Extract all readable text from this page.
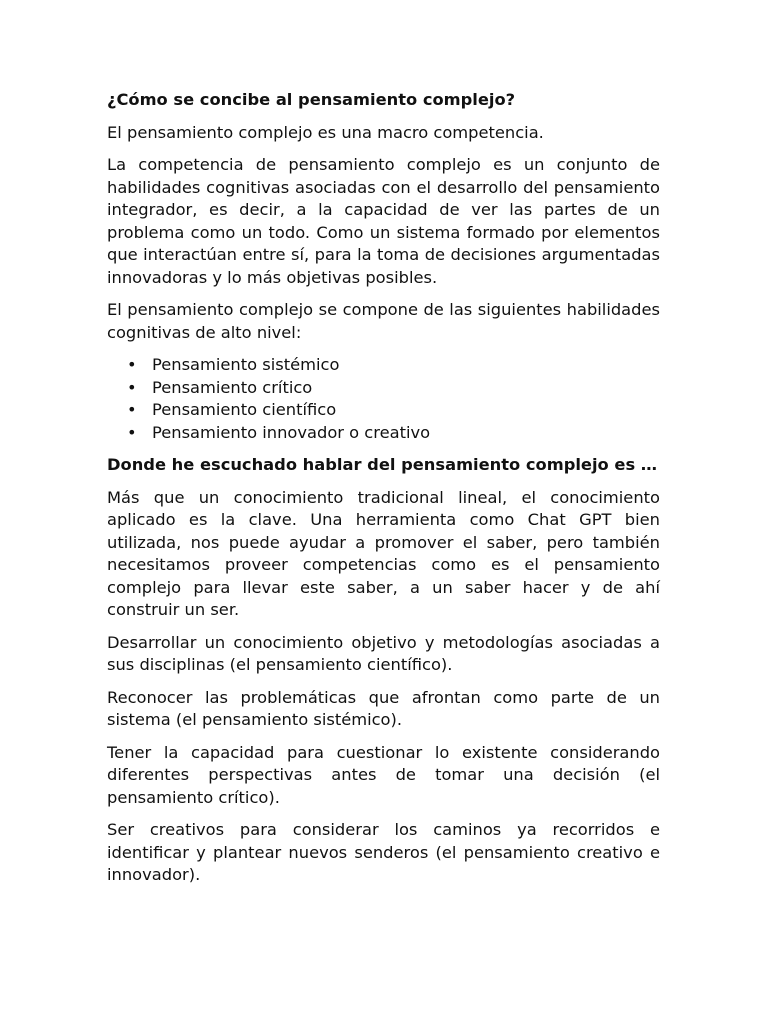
¿Cómo se concibe al pensamiento complejo?

El pensamiento complejo es una macro competencia.

La competencia de pensamiento complejo es un conjunto de habilidades cognitivas asociadas con el desarrollo del pensamiento integrador, es decir, a la capacidad de ver las partes de un problema como un todo. Como un sistema formado por elementos que interactúan entre sí, para la toma de decisiones argumentadas innovadoras y lo más objetivas posibles.

El pensamiento complejo se compone de las siguientes habilidades cognitivas de alto nivel:

• Pensamiento sistémico
• Pensamiento crítico
• Pensamiento científico
• Pensamiento innovador o creativo
Donde he escuchado hablar del pensamiento complejo es …

Más que un conocimiento tradicional lineal, el conocimiento aplicado es la clave. Una herramienta como Chat GPT bien utilizada, nos puede ayudar a promover el saber, pero también necesitamos proveer competencias como es el pensamiento complejo para llevar este saber, a un saber hacer y de ahí construir un ser.

Desarrollar un conocimiento objetivo y metodologías asociadas a sus disciplinas (el pensamiento científico).

Reconocer las problemáticas que afrontan como parte de un sistema (el pensamiento sistémico).

Tener la capacidad para cuestionar lo existente considerando diferentes perspectivas antes de tomar una decisión (el pensamiento crítico).

Ser creativos para considerar los caminos ya recorridos e identificar y plantear nuevos senderos (el pensamiento creativo e innovador).
